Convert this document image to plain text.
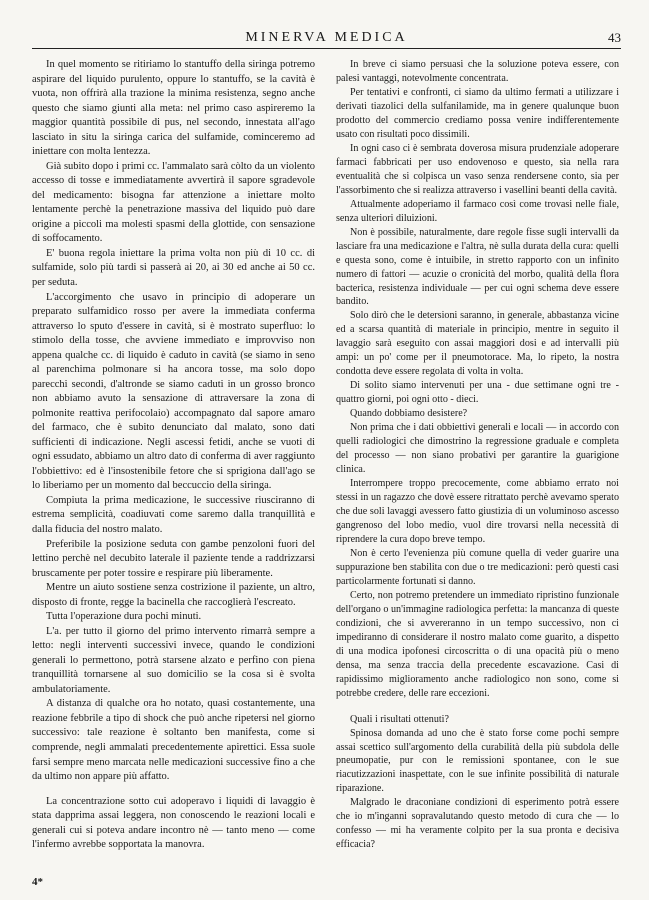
MINERVA MEDICA	43

In quel momento se ritiriamo lo stantuffo della siringa potremo aspirare del liquido purulento, oppure lo stantuffo, se la cavità è vuota, non offrirà alla trazione la minima resistenza, segno anche questo che siamo giunti alla meta: nel primo caso aspireremo la maggior quantità possibile di pus, nel secondo, innestata all'ago lasciato in situ la siringa carica del sulfamide, cominceremo ad iniettare con molta lentezza.

Già subito dopo i primi cc. l'ammalato sarà còlto da un violento accesso di tosse e immediatamente avvertirà il sapore sgradevole del medicamento: bisogna far attenzione a iniettare molto lentamente perchè la penetrazione massiva del liquido può dare origine a piccoli ma molesti spasmi della glottide, con sensazione di soffocamento.

E' buona regola iniettare la prima volta non più di 10 cc. di sulfamide, solo più tardi si passerà ai 20, ai 30 ed anche ai 50 cc. per seduta.

L'accorgimento che usavo in principio di adoperare un preparato sulfamidico rosso per avere la immediata conferma attraverso lo sputo d'essere in cavità, si è mostrato superfluo: lo stimolo della tosse, che avviene immediato e improvviso non appena qualche cc. di liquido è caduto in cavità (se siamo in seno al parenchima polmonare si ha ancora tosse, ma solo dopo parecchi secondi, d'altronde se siamo caduti in un grosso bronco non abbiamo avuto la sensazione di attraversare la zona di polmonite reattiva perifocolaio) accompagnato dal sapore amaro del farmaco, che è subito denunciato dal malato, sono dati sufficienti di indicazione. Negli ascessi fetidi, anche se vuoti di ogni essudato, abbiamo un altro dato di conferma di aver raggiunto l'obbiettivo: ed è l'insostenibile fetore che si sprigiona dall'ago se lo liberiamo per un momento dal beccuccio della siringa.

Compiuta la prima medicazione, le successive riusciranno di estrema semplicità, coadiuvati come saremo dalla tranquillità e dalla fiducia del nostro malato.

Preferibile la posizione seduta con gambe penzoloni fuori del lettino perchè nel decubito laterale il paziente tende a raddrizzarsi bruscamente per poter tossire e respirare più liberamente.

Mentre un aiuto sostiene senza costrizione il paziente, un altro, disposto di fronte, regge la bacinella che raccoglierà l'escreato.

Tutta l'operazione dura pochi minuti.

L'a. per tutto il giorno del primo intervento rimarrà sempre a letto: negli interventi successivi invece, quando le condizioni generali lo permettono, potrà starsene alzato e perfino con piena tranquillità tornarsene al suo domicilio se la cosa si è svolta ambulatoriamente.

A distanza di qualche ora ho notato, quasi costantemente, una reazione febbrile a tipo di shock che può anche ripetersi nel giorno successivo: tale reazione è soltanto ben manifesta, come si comprende, negli ammalati precedentemente apirettici. Essa suole farsi sempre meno marcata nelle medicazioni successive fino a che da ultimo non appare più affatto.

La concentrazione sotto cui adoperavo i liquidi di lavaggio è stata dapprima assai leggera, non conoscendo le reazioni locali e generali cui si poteva andare incontro nè — tanto meno — come l'infermo avrebbe sopportata la manovra.

In breve ci siamo persuasi che la soluzione poteva essere, con palesi vantaggi, notevolmente concentrata.

Per tentativi e confronti, ci siamo da ultimo fermati a utilizzare i derivati tiazolici della sulfanilamide, ma in genere qualunque buon prodotto del commercio crediamo possa venire indifferentemente usato con risultati poco dissimili.

In ogni caso ci è sembrata doverosa misura prudenziale adoperare farmaci fabbricati per uso endovenoso e questo, sia nella rara eventualità che si colpisca un vaso senza rendersene conto, sia per l'assorbimento che si realizza attraverso i vasellini beanti della cavità.

Attualmente adoperiamo il farmaco così come trovasi nelle fiale, senza ulteriori diluizioni.

Non è possibile, naturalmente, dare regole fisse sugli intervalli da lasciare fra una medicazione e l'altra, nè sulla durata della cura: quelli e questa sono, come è intuibile, in stretto rapporto con un infinito numero di fattori — acuzie o cronicità del morbo, qualità della flora bacterica, resistenza individuale — per cui ogni schema deve essere bandito.

Solo dirò che le detersioni saranno, in generale, abbastanza vicine ed a scarsa quantità di materiale in principio, mentre in seguito il lavaggio sarà eseguito con assai maggiori dosi e ad intervalli più ampi: un po' come per il pneumotorace. Ma, lo ripeto, la nostra condotta deve essere regolata di volta in volta.

Di solito siamo intervenuti per una - due settimane ogni tre - quattro giorni, poi ogni otto - dieci.

Quando dobbiamo desistere?

Non prima che i dati obbiettivi generali e locali — in accordo con quelli radiologici che dimostrino la regressione graduale e completa del processo — non siano probativi per garantire la guarigione clinica.

Interrompere troppo precocemente, come abbiamo errato noi stessi in un ragazzo che dovè essere ritrattato perchè avevamo sperato che due soli lavaggi avessero fatto giustizia di un voluminoso ascesso gangrenoso del lobo medio, vuol dire trovarsi nella necessità di riprendere la cura dopo breve tempo.

Non è certo l'evenienza più comune quella di veder guarire una suppurazione ben stabilita con due o tre medicazioni: però questi casi particolarmente fortunati si danno.

Certo, non potremo pretendere un immediato ripristino funzionale dell'organo o un'immagine radiologica perfetta: la mancanza di queste condizioni, che si avvereranno in un tempo successivo, non ci impediranno di considerare il nostro malato come guarito, a dispetto di una modica ipofonesi circoscritta o di una opacità più o meno densa, ma senza traccia della precedente escavazione. Casi di rapidissimo miglioramento anche radiologico non sono, come si potrebbe credere, delle rare eccezioni.

Quali i risultati ottenuti?

Spinosa domanda ad uno che è stato forse come pochi sempre assai scettico sull'argomento della curabilità della più subdola delle pneumopatie, pur con le remissioni spontanee, con le sue riacutizzazioni inaspettate, con le sue infinite possibilità di naturale riparazione.

Malgrado le draconiane condizioni di esperimento potrà essere che io m'inganni sopravalutando questo metodo di cura che — lo confesso — mi ha veramente colpito per la sua pronta e decisiva efficacia?

4*
